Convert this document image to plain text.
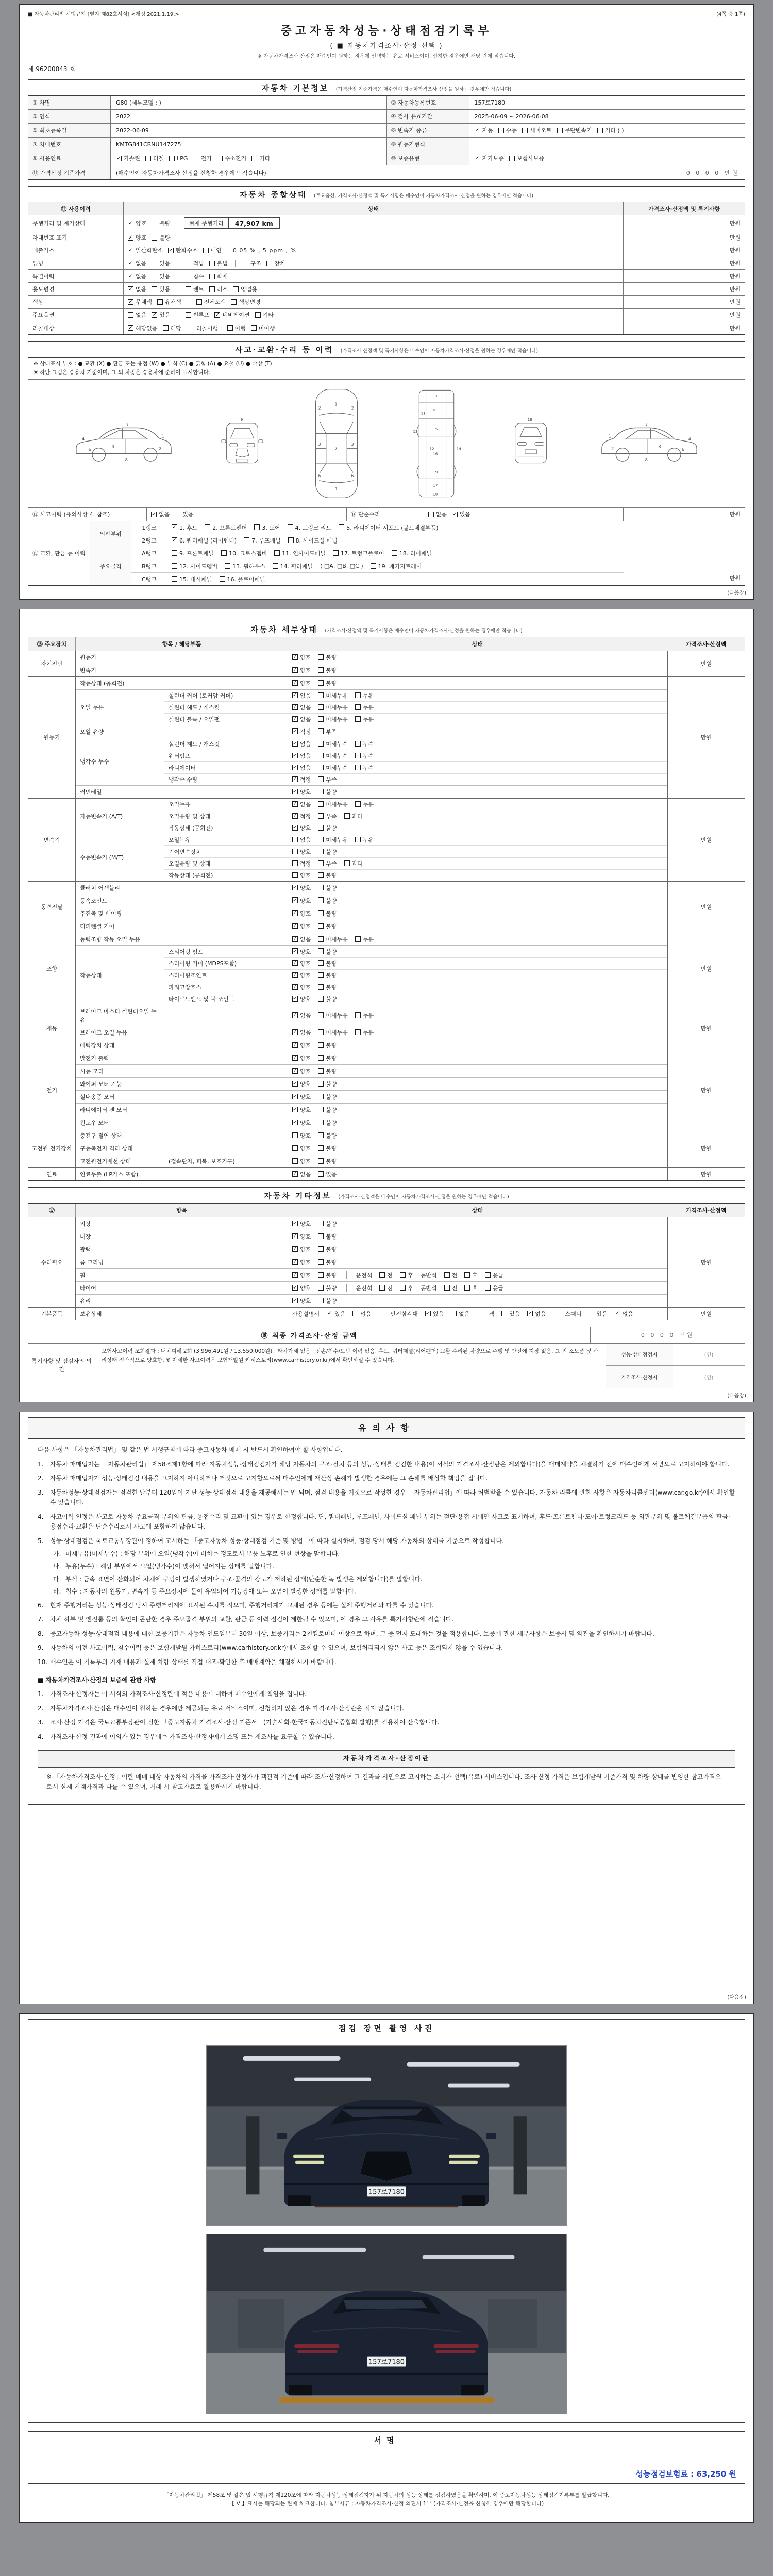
■ 자동차관리법 시행규칙 [별지 제82호서식] <개정 2021.1.19.>	(4쪽 중 1쪽)
중고자동차성능·상태점검기록부
( ■ 자동차가격조사·산정 선택 )
※ 자동차가격조사·산정은 매수인이 원하는 경우에 선택하는 유료 서비스이며, 신청한 경우에만 해당 란에 적습니다.
제 96200043 호
자동차 기본정보 (가격산정 기준가격은 매수인이 자동차가격조사·산정을 원하는 경우에만 적습니다)
① 차명	G80 (세부모델 : )	② 자동차등록번호	157로7180
③ 연식	2022	④ 검사 유효기간	2025-06-09 ~ 2026-06-08
⑤ 최초등록일	2022-06-09	⑥ 변속기 종류	✓ 자동 수동 세미오토 무단변속기 기타 ( )
⑦ 차대번호	KMTG841CBNU147275	⑧ 원동기형식
⑨ 사용연료	✓ 가솔린 디젤 LPG 전기 수소전기 기타	⑩ 보증유형	✓ 자가보증 보험사보증
⑪ 가격산정 기준가격	(매수인이 자동차가격조사·산정을 신청한 경우에만 적습니다)	0 0 0 0 만원
자동차 종합상태 (주요옵션, 가격조사·산정액 및 특기사항은 매수인이 자동차가격조사·산정을 원하는 경우에만 적습니다)
⑫ 사용이력	상태	가격조사·산정액 및 특기사항
주행거리 및 계기상태	✓ 양호 불량	현재 주행거리	47,907 km	만원
차대번호 표기	✓ 양호 불량	만원
배출가스	✓ 일산화탄소 ✓ 탄화수소 매연 0.05 % , 5 ppm , %	만원
튜닝	✓ 없음 있음	적법 불법	구조 장치	만원
특별이력	✓ 없음 있음	침수 화재	만원
용도변경	✓ 없음 있음	렌트 리스 영업용	만원
색상	✓ 무채색 유채색	전체도색 색상변경	만원
주요옵션	없음 ✓ 있음	썬루프 ✓ 네비게이션 기타	만원
리콜대상	✓ 해당없음 해당	리콜이행 : 이행 미이행	만원
사고·교환·수리 등 이력 (가격조사·산정액 및 특기사항은 매수인이 자동차가격조사·산정을 원하는 경우에만 적습니다)
※ 상태표시 부호 : ● 교환 (X) ● 판금 또는 용접 (W) ● 부식 (C) ● 긁힘 (A) ● 요철 (U) ● 손상 (T)
※ 하단 그림은 승용차 기준이며, 그 외 차종은 승용차에 준하여 표시합니다.
1
2
3
4
7
6
8
9
1
7
4
2	2
3	3
6	6
9
10
11
12
13
14
15
16
17
18
19
18
1
2	3
4
7
6
8
⑬ 사고이력 (유의사항 4. 참조)	✓ 없음 있음	⑭ 단순수리	없음 ✓ 있음	만원
⑮ 교환, 판금 등 이력
외판부위
1랭크	✓ 1. 후드	2. 프론트펜더	3. 도어	4. 트렁크 리드	5. 라디에이터 서포트 (볼트체결부품)
2랭크	✓ 6. 쿼터패널 (리어펜더)	7. 루프패널	8. 사이드실 패널
주요골격
A랭크	9. 프론트패널	10. 크로스멤버	11. 인사이드패널	17. 트렁크플로어	18. 리어패널
B랭크	12. 사이드멤버	13. 휠하우스	14. 필러패널 ( □A, □B, □C )	19. 패키지트레이
C랭크	15. 대시패널	16. 플로어패널	만원
(다음장)
자동차 세부상태 (가격조사·산정액 및 특기사항은 매수인이 자동차가격조사·산정을 원하는 경우에만 적습니다)
⑯ 주요장치	항목 / 해당부품	상태	가격조사·산정액
자기진단
원동기	✓ 양호	불량
변속기	✓ 양호	불량
만원
원동기
작동상태 (공회전)	✓ 양호	불량
오일 누유
실린더 커버 (로커암 커버)	✓ 없음	미세누유	누유
실린더 헤드 / 개스킷	✓ 없음	미세누유	누유
실린더 블록 / 오일팬	✓ 없음	미세누유	누유
오일 유량	✓ 적정	부족
냉각수 누수
실린더 헤드 / 개스킷	✓ 없음	미세누수	누수
워터펌프	✓ 없음	미세누수	누수
라디에이터	✓ 없음	미세누수	누수
냉각수 수량	✓ 적정	부족
커먼레일	✓ 양호	불량
만원
변속기
자동변속기 (A/T)
오일누유	✓ 없음	미세누유	누유
오일유량 및 상태	✓ 적정	부족	과다
작동상태 (공회전)	✓ 양호	불량
수동변속기 (M/T)
오일누유	없음	미세누유	누유
기어변속장치	양호	불량
오일유량 및 상태	적정	부족	과다
작동상태 (공회전)	양호	불량
만원
동력전달
클러치 어셈블리	✓ 양호	불량
등속조인트	✓ 양호	불량
추진축 및 베어링	✓ 양호	불량
디퍼렌셜 기어	✓ 양호	불량
만원
조향
동력조향 작동 오일 누유	✓ 없음	미세누유	누유
작동상태
스티어링 펌프	✓ 양호	불량
스티어링 기어 (MDPS포함)	✓ 양호	불량
스티어링조인트	✓ 양호	불량
파워고압호스	✓ 양호	불량
타이로드엔드 및 볼 조인트	✓ 양호	불량
만원
제동
브레이크 마스터 실린더오일 누유
✓ 없음	미세누유	누유
브레이크 오일 누유	✓ 없음	미세누유	누유
배력장치 상태	✓ 양호	불량
만원
전기
발전기 출력	✓ 양호	불량
시동 모터	✓ 양호	불량
와이퍼 모터 기능	✓ 양호	불량
실내송풍 모터	✓ 양호	불량
라디에이터 팬 모터	✓ 양호	불량
윈도우 모터	✓ 양호	불량
만원
고전원 전기장치
충전구 절연 상태	양호	불량
구동축전지 격리 상태	양호	불량
고전원전기배선 상태	(접속단자, 피복, 보호기구)	양호	불량
만원
연료	연료누출 (LP가스 포함)	✓ 없음	있음	만원
자동차 기타정보 (가격조사·산정액은 매수인이 자동차가격조사·산정을 원하는 경우에만 적습니다)
⑰	항목	상태	가격조사·산정액
수리필요
외장	✓ 양호	불량
내장	✓ 양호	불량
광택	✓ 양호	불량
룸 크리닝	✓ 양호	불량
휠	✓ 양호	불량	운전석	전	후 동반석	전	후	응급
타이어	✓ 양호	불량	운전석	전	후 동반석	전	후	응급
유리	✓ 양호	불량
만원
기본품목	보유상태	사용설명서 ✓ 있음	없음	안전삼각대 ✓ 있음	없음	잭	있음 ✓ 없음	스패너	있음 ✓ 없음	만원
⑱ 최종 가격조사·산정 금액	0 0 0 0 만원
특기사항 및 점검자의 의견
보험사고이력 조회결과 : 내차피해 2회 (3,996,491원 / 13,550,000원) · 타차가해 없음 · 전손/침수/도난 이력 없음. 후드, 쿼터패널(리어펜더) 교환 수리된 차량으로 주행 및 안전에 지장 없음. 그 외 소모품 및 관리상태 전반적으로 양호함. ※ 자세한 사고이력은 보험개발원 카히스토리(www.carhistory.or.kr)에서 확인하실 수 있습니다.
성능·상태점검자	(인)
가격조사·산정자	(인)
(다음장)
유의사항
다음 사항은 「자동차관리법」 및 같은 법 시행규칙에 따라 중고자동차 매매 시 반드시 확인하여야 할 사항입니다.
1.	자동차 매매업자는 「자동차관리법」 제58조제1항에 따라 자동차성능·상태점검자가 해당 자동차의 구조·장치 등의 성능·상태를 점검한 내용(이 서식의 가격조사·산정란은 제외합니다)을 매매계약을 체결하기 전에 매수인에게 서면으로 고지하여야 합니다.
2.	자동차 매매업자가 성능·상태점검 내용을 고지하지 아니하거나 거짓으로 고지함으로써 매수인에게 재산상 손해가 발생한 경우에는 그 손해를 배상할 책임을 집니다.
3.	자동차성능·상태점검자는 점검한 날부터 120일이 지난 성능·상태점검 내용을 제공해서는 안 되며, 점검 내용을 거짓으로 작성한 경우 「자동차관리법」에 따라 처벌받을 수 있습니다. 자동차 리콜에 관한 사항은 자동차리콜센터(www.car.go.kr)에서 확인할 수 있습니다.
4.	사고이력 인정은 사고로 자동차 주요골격 부위의 판금, 용접수리 및 교환이 있는 경우로 한정합니다. 단, 쿼터패널, 루프패널, 사이드실 패널 부위는 절단·용접 시에만 사고로 표기하며, 후드·프론트펜더·도어·트렁크리드 등 외판부위 및 볼트체결부품의 판금·용접수리·교환은 단순수리로서 사고에 포함하지 않습니다.
5.	성능·상태점검은 국토교통부장관이 정하여 고시하는 「중고자동차 성능·상태점검 기준 및 방법」에 따라 실시하며, 점검 당시 해당 자동차의 상태를 기준으로 작성합니다.
가. 미세누유(미세누수) : 해당 부위에 오일(냉각수)이 비치는 정도로서 부품 노후로 인한 현상을 말합니다.
나. 누유(누수) : 해당 부위에서 오일(냉각수)이 맺혀서 떨어지는 상태를 말합니다.
다. 부식 : 금속 표면이 산화되어 차체에 구멍이 발생하였거나 구조·골격의 강도가 저하된 상태(단순한 녹 발생은 제외합니다)를 말합니다.
라. 침수 : 자동차의 원동기, 변속기 등 주요장치에 물이 유입되어 기능장애 또는 오염이 발생한 상태를 말합니다.
6.	현재 주행거리는 성능·상태점검 당시 주행거리계에 표시된 수치를 적으며, 주행거리계가 교체된 경우 등에는 실제 주행거리와 다를 수 있습니다.
7.	차체 하부 및 엔진룸 등의 확인이 곤란한 경우 주요골격 부위의 교환, 판금 등 이력 점검이 제한될 수 있으며, 이 경우 그 사유를 특기사항란에 적습니다.
8.	중고자동차 성능·상태점검 내용에 대한 보증기간은 자동차 인도일부터 30일 이상, 보증거리는 2천킬로미터 이상으로 하며, 그 중 먼저 도래하는 것을 적용합니다. 보증에 관한 세부사항은 보증서 및 약관을 확인하시기 바랍니다.
9.	자동차의 이전 사고이력, 침수이력 등은 보험개발원 카히스토리(www.carhistory.or.kr)에서 조회할 수 있으며, 보험처리되지 않은 사고 등은 조회되지 않을 수 있습니다.
10. 매수인은 이 기록부의 기재 내용과 실제 차량 상태를 직접 대조·확인한 후 매매계약을 체결하시기 바랍니다.
■ 자동차가격조사·산정의 보증에 관한 사항
1.	가격조사·산정자는 이 서식의 가격조사·산정란에 적은 내용에 대하여 매수인에게 책임을 집니다.
2.	자동차가격조사·산정은 매수인이 원하는 경우에만 제공되는 유료 서비스이며, 신청하지 않은 경우 가격조사·산정란은 적지 않습니다.
3.	조사·산정 가격은 국토교통부장관이 정한 「중고자동차 가격조사·산정 기준서」(기술사회·한국자동차진단보증협회 발행)를 적용하여 산출합니다.
4.	가격조사·산정 결과에 이의가 있는 경우에는 가격조사·산정자에게 소명 또는 재조사를 요구할 수 있습니다.
자동차가격조사·산정이란
※ 「자동차가격조사·산정」이란 매매 대상 자동차의 가격을 가격조사·산정자가 객관적 기준에 따라 조사·산정하여 그 결과를 서면으로 고지하는 소비자 선택(유료) 서비스입니다. 조사·산정 가격은 보험개발원 기준가격 및 차량 상태를 반영한 참고가격으로서 실제 거래가격과 다를 수 있으며, 거래 시 참고자료로 활용하시기 바랍니다.
(다음장)
점검 장면 촬영 사진
157로7180
157로7180
서명
성능점검보험료 : 63,250 원
「자동차관리법」 제58조 및 같은 법 시행규칙 제120조에 따라 자동차성능·상태점검자가 위 자동차의 성능·상태를 점검하였음을 확인하며, 이 중고자동차성능·상태점검기록부를 발급합니다.
【 V 】표시는 해당되는 란에 체크합니다. 첨부서류 : 자동차가격조사·산정 의견서 1부 (가격조사·산정을 신청한 경우에만 해당합니다)
